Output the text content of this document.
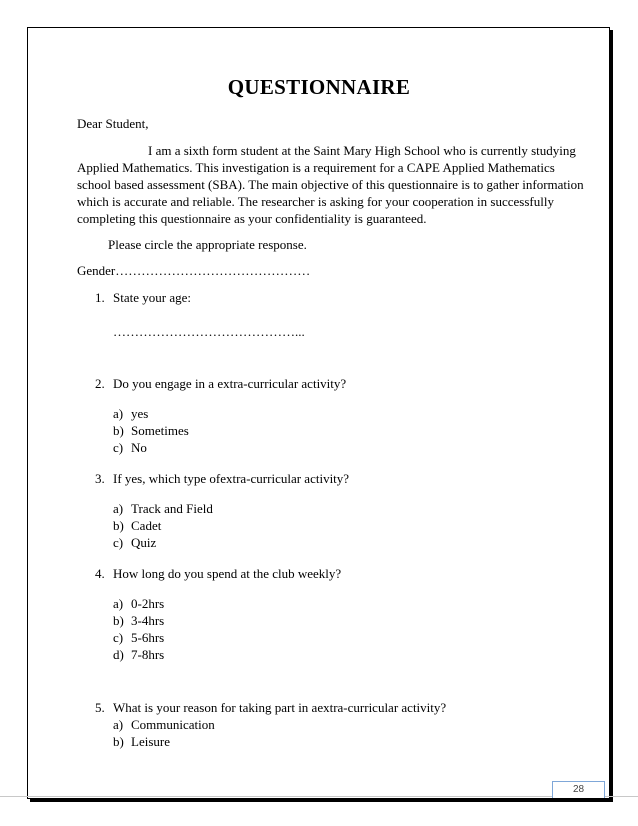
QUESTIONNAIRE
Dear Student,
I am a sixth form student at the Saint Mary High School who is currently studying
Applied Mathematics. This investigation is a requirement for a CAPE Applied Mathematics
school based assessment (SBA). The main objective of this questionnaire is to gather information
which is accurate and reliable. The researcher is asking for your cooperation in successfully
completing this questionnaire as your confidentiality is guaranteed.
Please circle the appropriate response.
Gender………………………………………
1. State your age:
……………………………………...
2. Do you engage in a extra-curricular activity?
a) yes
b) Sometimes
c) No
3. If yes, which type ofextra-curricular activity?
a) Track and Field
b) Cadet
c) Quiz
4. How long do you spend at the club weekly?
a) 0-2hrs
b) 3-4hrs
c) 5-6hrs
d) 7-8hrs
5. What is your reason for taking part in aextra-curricular activity?
a) Communication
b) Leisure
28
